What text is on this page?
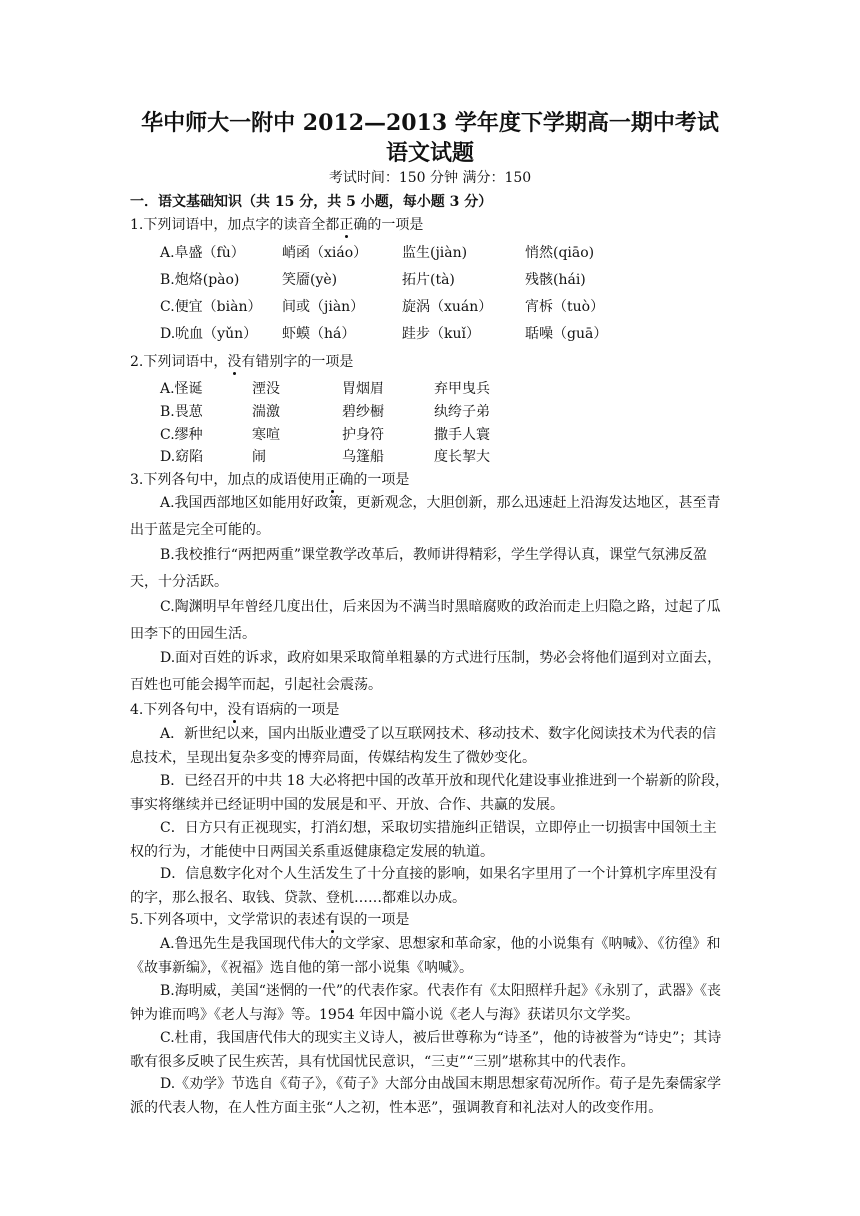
华中师大一附中 2012—2013 学年度下学期高一期中考试
语文试题
考试时间：150 分钟 满分：150
一．语文基础知识（共 15 分，共 5 小题，每小题 3 分）
1.下列词语中，加点字的读音全都正确的一项是
A.阜盛（fù）	峭函（xiáo） 监生(jiàn)	悄然(qiāo)
B.炮烙(pào)	笑靥(yè)	拓片(tà)	残骸(hái)
C.便宜（biàn） 间或（jiàn）	旋涡（xuán） 宵柝（tuò）
D.吮血（yǔn） 虾蟆（há）	跬步（kuǐ）	聒噪（guā）
2.下列词语中，没有错别字的一项是
A.怪诞	湮没	胃烟眉	弃甲曳兵
B.畏葸	湍激	碧纱橱	纨绔子弟
C.缪种	寒喧	护身符	撒手人寰
D.窈陷	闹	乌篷船	度长挈大
3.下列各句中，加点的成语使用正确的一项是
A.我国西部地区如能用好政策，更新观念，大胆创新，那么迅速赶上沿海发达地区，甚至青出于蓝是完全可能的。
B.我校推行“两把两重”课堂教学改革后，教师讲得精彩，学生学得认真，课堂气氛沸反盈天，十分活跃。
C.陶渊明早年曾经几度出仕，后来因为不满当时黑暗腐败的政治而走上归隐之路，过起了瓜田李下的田园生活。
D.面对百姓的诉求，政府如果采取简单粗暴的方式进行压制，势必会将他们逼到对立面去，百姓也可能会揭竿而起，引起社会震荡。
4.下列各句中，没有语病的一项是
A．新世纪以来，国内出版业遭受了以互联网技术、移动技术、数字化阅读技术为代表的信息技术，呈现出复杂多变的博弈局面，传媒结构发生了微妙变化。
B．已经召开的中共 18 大必将把中国的改革开放和现代化建设事业推进到一个崭新的阶段，事实将继续并已经证明中国的发展是和平、开放、合作、共赢的发展。
C．日方只有正视现实，打消幻想，采取切实措施纠正错误，立即停止一切损害中国领土主权的行为，才能使中日两国关系重返健康稳定发展的轨道。
D．信息数字化对个人生活发生了十分直接的影响，如果名字里用了一个计算机字库里没有的字，那么报名、取钱、贷款、登机……都难以办成。
5.下列各项中，文学常识的表述有误的一项是
A.鲁迅先生是我国现代伟大的文学家、思想家和革命家，他的小说集有《呐喊》、《彷徨》和《故事新编》，《祝福》选自他的第一部小说集《呐喊》。
B.海明威，美国“迷惘的一代”的代表作家。代表作有《太阳照样升起》《永别了，武器》《丧钟为谁而鸣》《老人与海》等。1954 年因中篇小说《老人与海》获诺贝尔文学奖。
C.杜甫，我国唐代伟大的现实主义诗人，被后世尊称为“诗圣”，他的诗被誉为“诗史”；其诗歌有很多反映了民生疾苦，具有忧国忧民意识，“三吏”“三别”堪称其中的代表作。
D.《劝学》节选自《荀子》，《荀子》大部分由战国末期思想家荀况所作。荀子是先秦儒家学派的代表人物，在人性方面主张“人之初，性本恶”，强调教育和礼法对人的改变作用。
